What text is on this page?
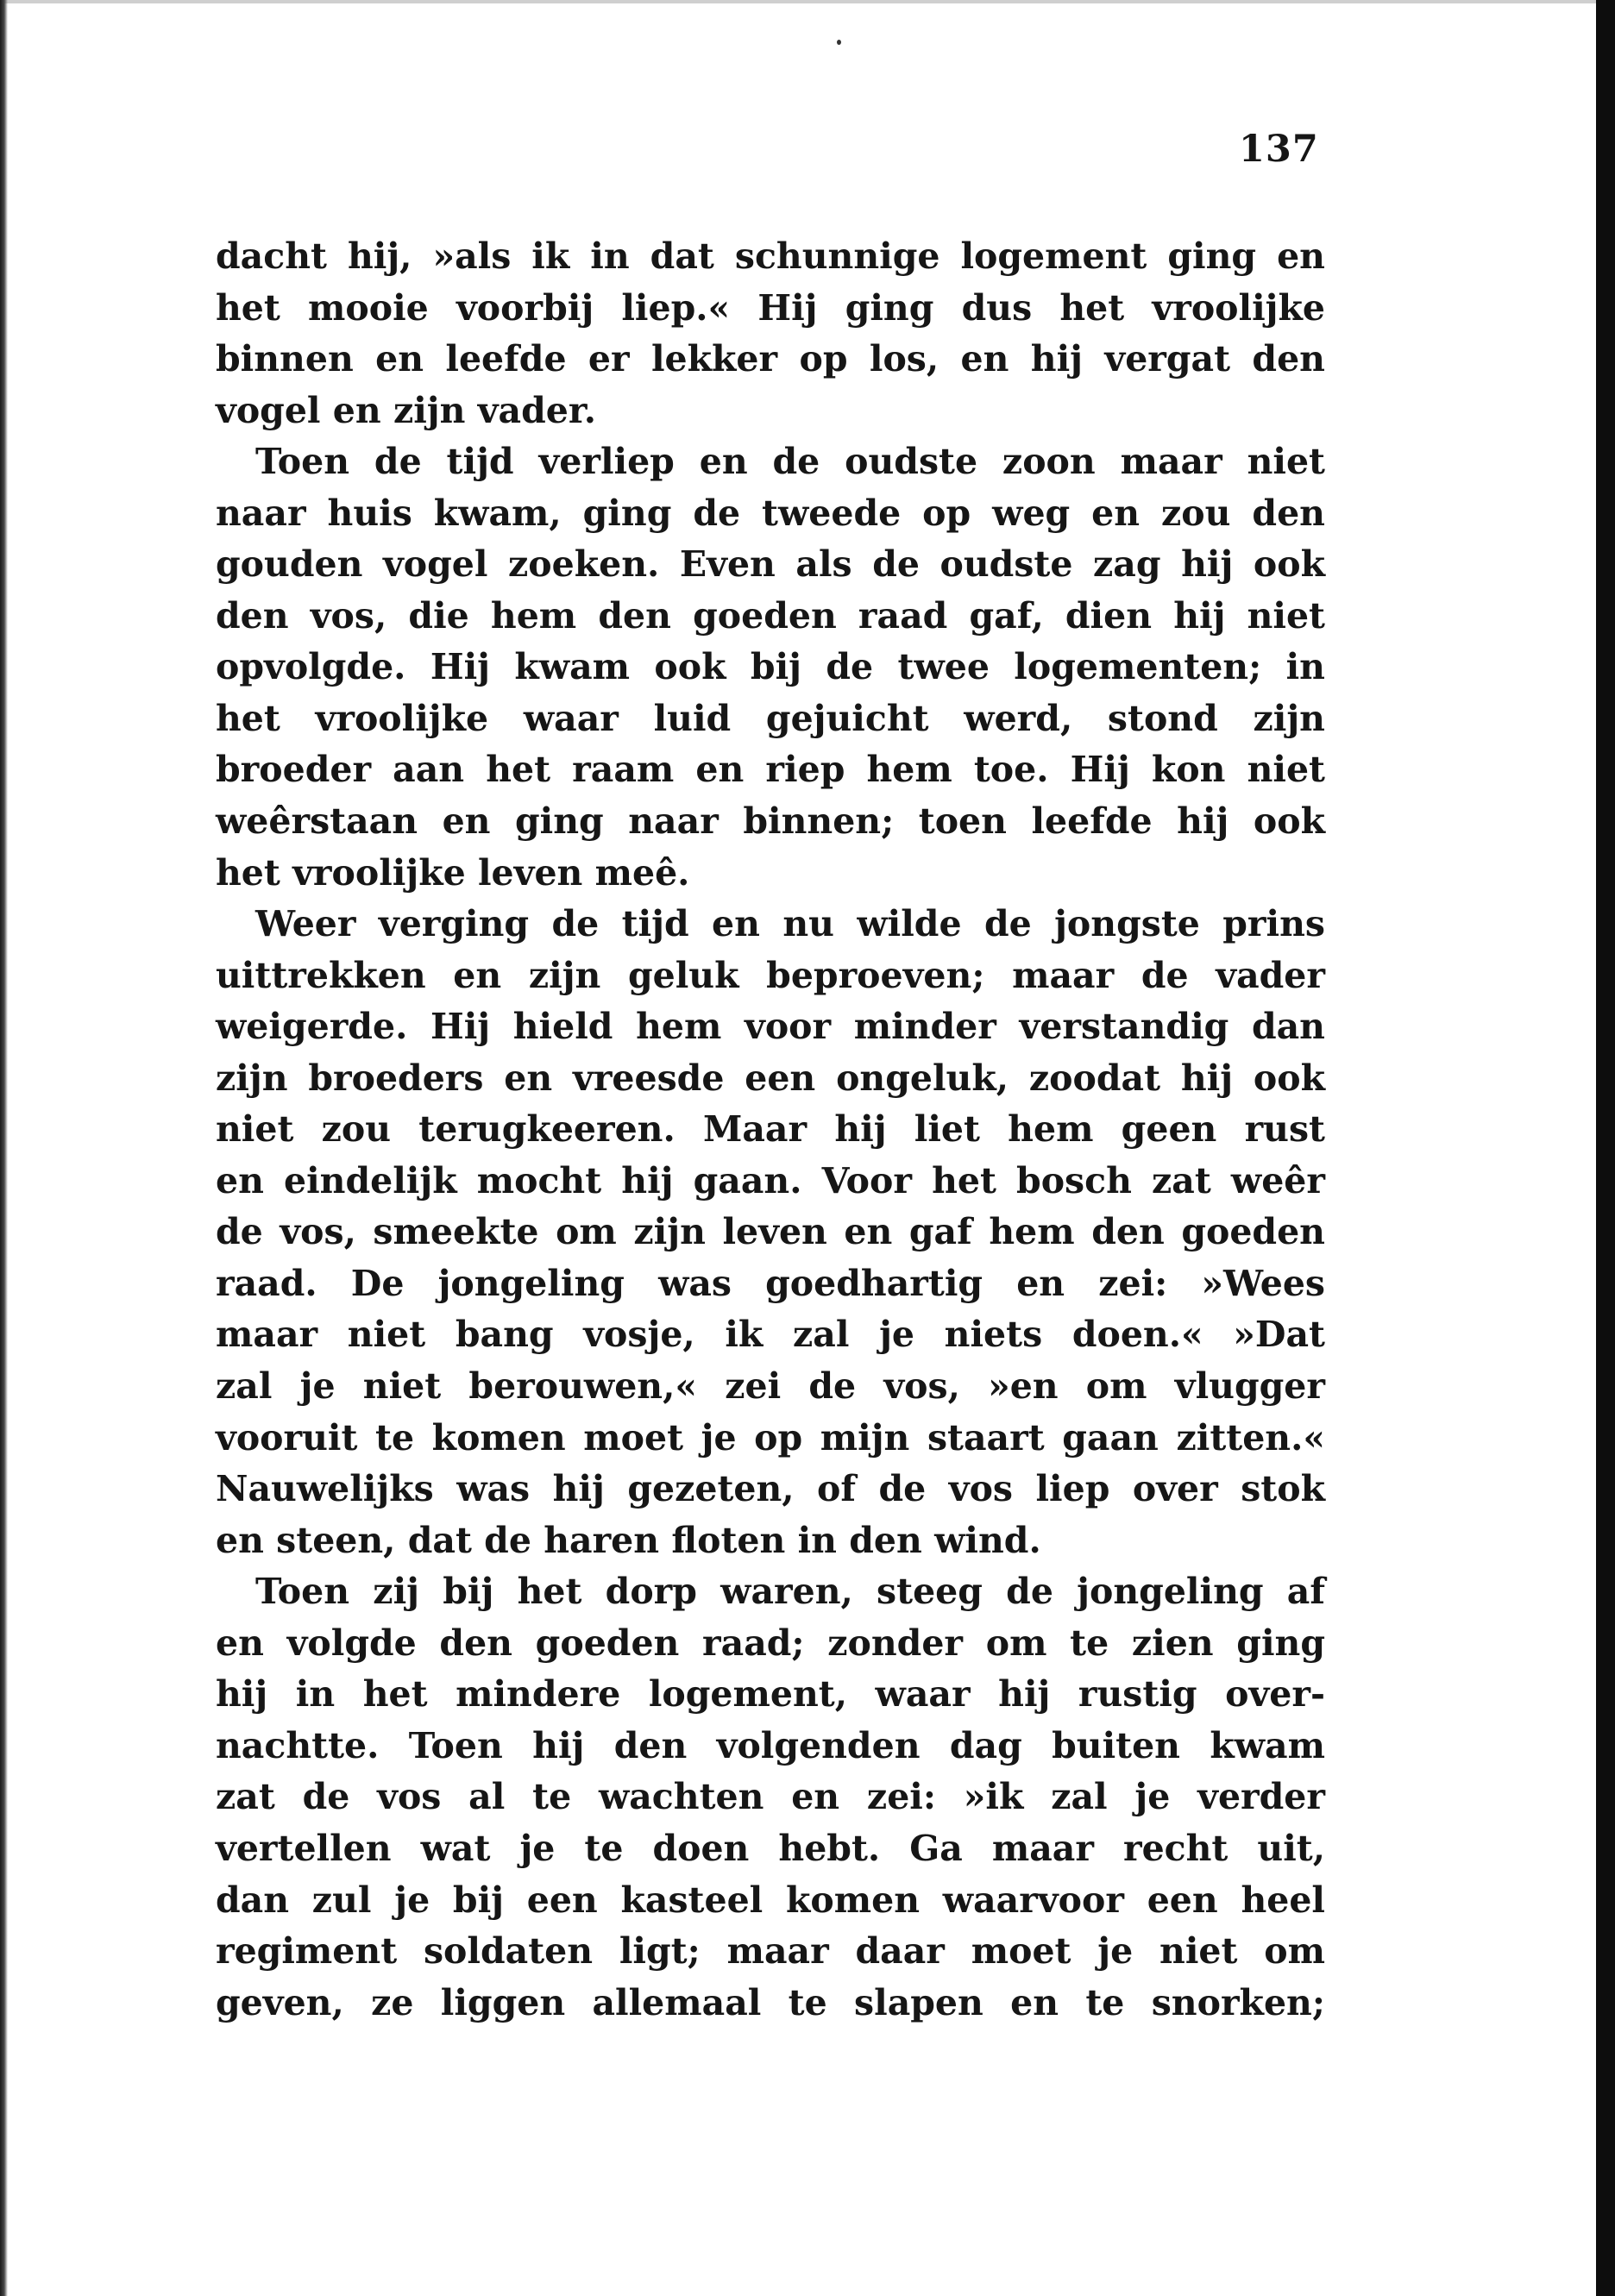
137
dacht hij, »als ik in dat schunnige logement ging en
het mooie voorbij liep.« Hij ging dus het vroolijke
binnen en leefde er lekker op los, en hij vergat den
vogel en zijn vader.
Toen de tijd verliep en de oudste zoon maar niet
naar huis kwam, ging de tweede op weg en zou den
gouden vogel zoeken. Even als de oudste zag hij ook
den vos, die hem den goeden raad gaf, dien hij niet
opvolgde. Hij kwam ook bij de twee logementen; in
het vroolijke waar luid gejuicht werd, stond zijn
broeder aan het raam en riep hem toe. Hij kon niet
weêrstaan en ging naar binnen; toen leefde hij ook
het vroolijke leven meê.
Weer verging de tijd en nu wilde de jongste prins
uittrekken en zijn geluk beproeven; maar de vader
weigerde. Hij hield hem voor minder verstandig dan
zijn broeders en vreesde een ongeluk, zoodat hij ook
niet zou terugkeeren. Maar hij liet hem geen rust
en eindelijk mocht hij gaan. Voor het bosch zat weêr
de vos, smeekte om zijn leven en gaf hem den goeden
raad. De jongeling was goedhartig en zei: »Wees
maar niet bang vosje, ik zal je niets doen.« »Dat
zal je niet berouwen,« zei de vos, »en om vlugger
vooruit te komen moet je op mijn staart gaan zitten.«
Nauwelijks was hij gezeten, of de vos liep over stok
en steen, dat de haren floten in den wind.
Toen zij bij het dorp waren, steeg de jongeling af
en volgde den goeden raad; zonder om te zien ging
hij in het mindere logement, waar hij rustig over-
nachtte. Toen hij den volgenden dag buiten kwam
zat de vos al te wachten en zei: »ik zal je verder
vertellen wat je te doen hebt. Ga maar recht uit,
dan zul je bij een kasteel komen waarvoor een heel
regiment soldaten ligt; maar daar moet je niet om
geven, ze liggen allemaal te slapen en te snorken;
